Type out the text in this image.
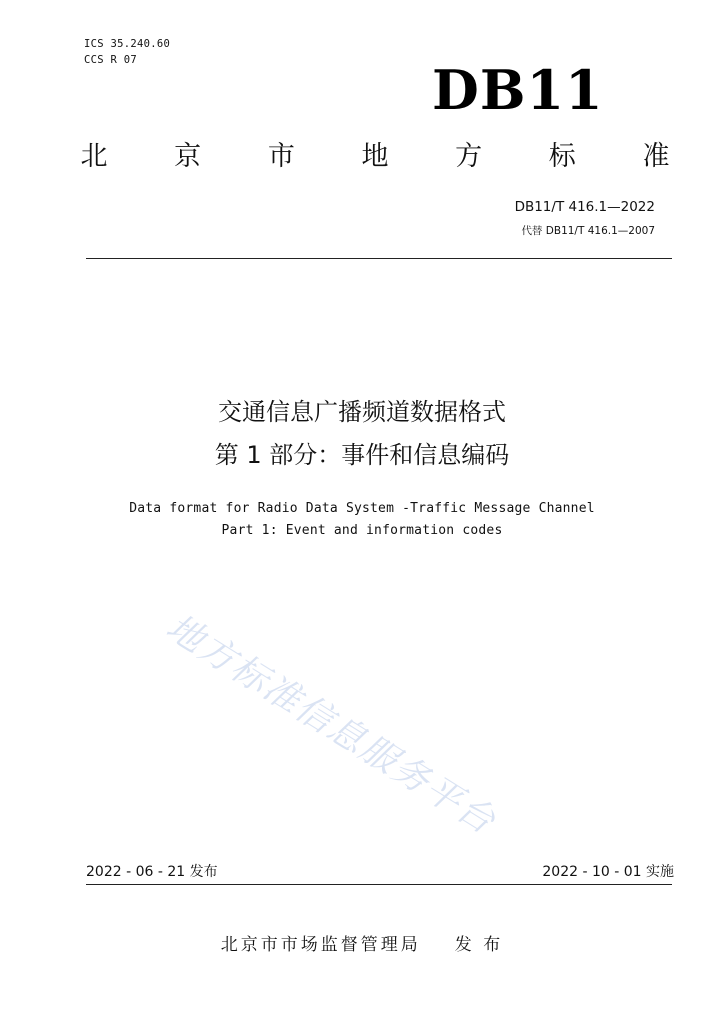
ICS 35.240.60
CCS R 07	DB11
北 京 市 地 方 标 准
DB11/T 416.1—2022
代替 DB11/T 416.1—2007
交通信息广播频道数据格式
第 1 部分：事件和信息编码
Data format for Radio Data System -Traffic Message Channel
Part 1: Event and information codes
地方标准信息服务平台
2022 - 06 - 21 发布	2022 - 10 - 01 实施
北京市市场监督管理局 发 布
